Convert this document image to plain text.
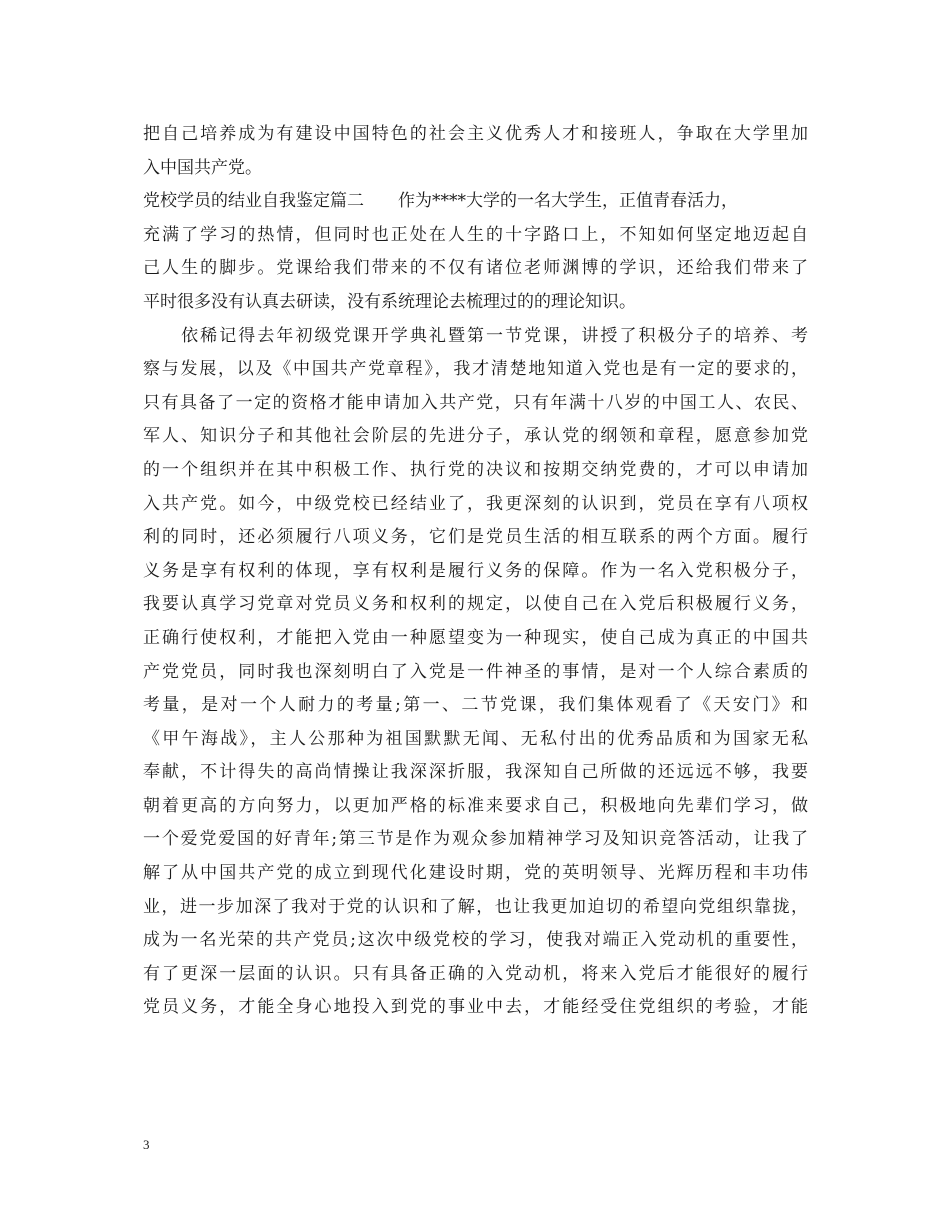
把自己培养成为有建设中国特色的社会主义优秀人才和接班人，争取在大学里加
入中国共产党。
党校学员的结业自我鉴定篇二　　作为****大学的一名大学生，正值青春活力，
充满了学习的热情，但同时也正处在人生的十字路口上，不知如何坚定地迈起自
己人生的脚步。党课给我们带来的不仅有诸位老师渊博的学识，还给我们带来了
平时很多没有认真去研读，没有系统理论去梳理过的的理论知识。
　　依稀记得去年初级党课开学典礼暨第一节党课，讲授了积极分子的培养、考
察与发展，以及《中国共产党章程》，我才清楚地知道入党也是有一定的要求的，
只有具备了一定的资格才能申请加入共产党，只有年满十八岁的中国工人、农民、
军人、知识分子和其他社会阶层的先进分子，承认党的纲领和章程，愿意参加党
的一个组织并在其中积极工作、执行党的决议和按期交纳党费的，才可以申请加
入共产党。如今，中级党校已经结业了，我更深刻的认识到，党员在享有八项权
利的同时，还必须履行八项义务，它们是党员生活的相互联系的两个方面。履行
义务是享有权利的体现，享有权利是履行义务的保障。作为一名入党积极分子，
我要认真学习党章对党员义务和权利的规定，以使自己在入党后积极履行义务，
正确行使权利，才能把入党由一种愿望变为一种现实，使自己成为真正的中国共
产党党员，同时我也深刻明白了入党是一件神圣的事情，是对一个人综合素质的
考量，是对一个人耐力的考量;第一、二节党课，我们集体观看了《天安门》和
《甲午海战》，主人公那种为祖国默默无闻、无私付出的优秀品质和为国家无私
奉献，不计得失的高尚情操让我深深折服，我深知自己所做的还远远不够，我要
朝着更高的方向努力，以更加严格的标准来要求自己，积极地向先辈们学习，做
一个爱党爱国的好青年;第三节是作为观众参加精神学习及知识竞答活动，让我了
解了从中国共产党的成立到现代化建设时期，党的英明领导、光辉历程和丰功伟
业，进一步加深了我对于党的认识和了解，也让我更加迫切的希望向党组织靠拢，
成为一名光荣的共产党员;这次中级党校的学习，使我对端正入党动机的重要性，
有了更深一层面的认识。只有具备正确的入党动机，将来入党后才能很好的履行
党员义务，才能全身心地投入到党的事业中去，才能经受住党组织的考验，才能
3
